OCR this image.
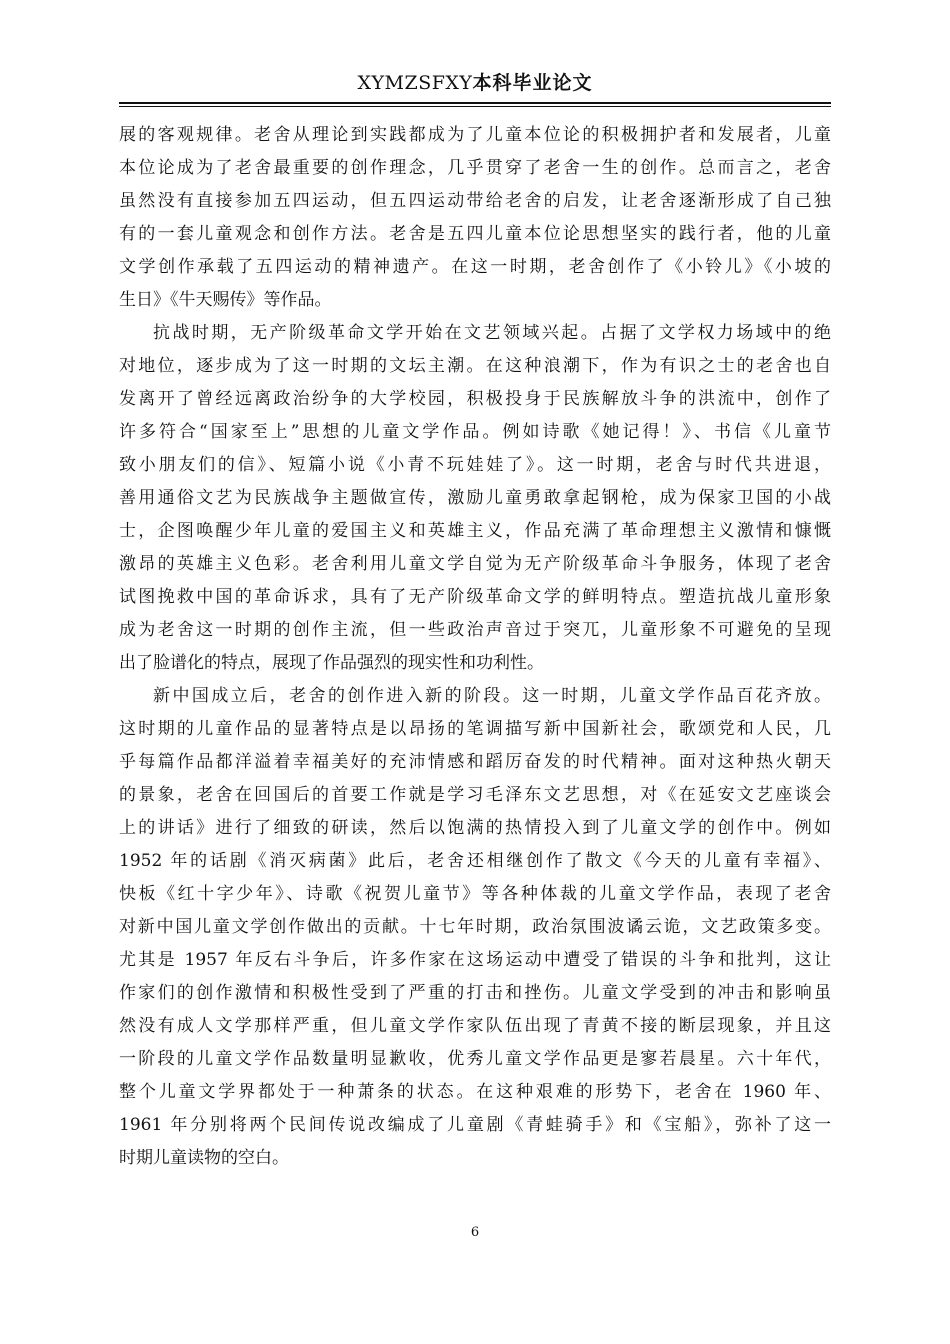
XYMZSFXY本科毕业论文
展的客观规律。老舍从理论到实践都成为了儿童本位论的积极拥护者和发展者，儿童
本位论成为了老舍最重要的创作理念，几乎贯穿了老舍一生的创作。总而言之，老舍
虽然没有直接参加五四运动，但五四运动带给老舍的启发，让老舍逐渐形成了自己独
有的一套儿童观念和创作方法。老舍是五四儿童本位论思想坚实的践行者，他的儿童
文学创作承载了五四运动的精神遗产。在这一时期，老舍创作了《小铃儿》《小坡的
生日》《牛天赐传》等作品。
抗战时期，无产阶级革命文学开始在文艺领域兴起。占据了文学权力场域中的绝
对地位，逐步成为了这一时期的文坛主潮。在这种浪潮下，作为有识之士的老舍也自
发离开了曾经远离政治纷争的大学校园，积极投身于民族解放斗争的洪流中，创作了
许多符合“国家至上”思想的儿童文学作品。例如诗歌《她记得！》、书信《儿童节
致小朋友们的信》、短篇小说《小青不玩娃娃了》。这一时期，老舍与时代共进退，
善用通俗文艺为民族战争主题做宣传，激励儿童勇敢拿起钢枪，成为保家卫国的小战
士，企图唤醒少年儿童的爱国主义和英雄主义，作品充满了革命理想主义激情和慷慨
激昂的英雄主义色彩。老舍利用儿童文学自觉为无产阶级革命斗争服务，体现了老舍
试图挽救中国的革命诉求，具有了无产阶级革命文学的鲜明特点。塑造抗战儿童形象
成为老舍这一时期的创作主流，但一些政治声音过于突兀，儿童形象不可避免的呈现
出了脸谱化的特点，展现了作品强烈的现实性和功利性。
新中国成立后，老舍的创作进入新的阶段。这一时期，儿童文学作品百花齐放。
这时期的儿童作品的显著特点是以昂扬的笔调描写新中国新社会，歌颂党和人民，几
乎每篇作品都洋溢着幸福美好的充沛情感和蹈厉奋发的时代精神。面对这种热火朝天
的景象，老舍在回国后的首要工作就是学习毛泽东文艺思想，对《在延安文艺座谈会
上的讲话》进行了细致的研读，然后以饱满的热情投入到了儿童文学的创作中。例如
1952 年的话剧《消灭病菌》此后，老舍还相继创作了散文《今天的儿童有幸福》、
快板《红十字少年》、诗歌《祝贺儿童节》等各种体裁的儿童文学作品，表现了老舍
对新中国儿童文学创作做出的贡献。十七年时期，政治氛围波谲云诡，文艺政策多变。
尤其是 1957 年反右斗争后，许多作家在这场运动中遭受了错误的斗争和批判，这让
作家们的创作激情和积极性受到了严重的打击和挫伤。儿童文学受到的冲击和影响虽
然没有成人文学那样严重，但儿童文学作家队伍出现了青黄不接的断层现象，并且这
一阶段的儿童文学作品数量明显歉收，优秀儿童文学作品更是寥若晨星。六十年代，
整个儿童文学界都处于一种萧条的状态。在这种艰难的形势下，老舍在 1960 年、
1961 年分别将两个民间传说改编成了儿童剧《青蛙骑手》和《宝船》，弥补了这一
时期儿童读物的空白。
6
